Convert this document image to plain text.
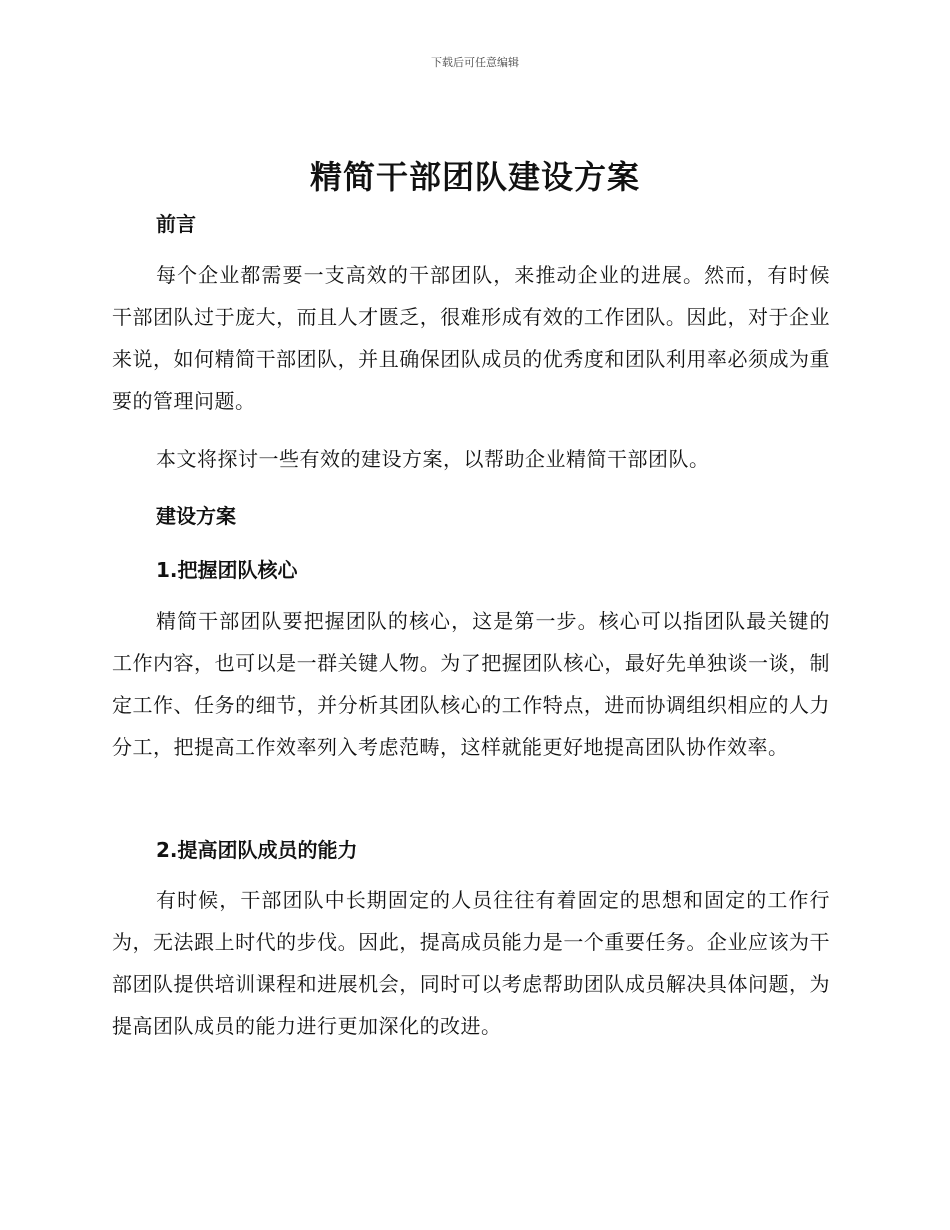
下载后可任意编辑
精简干部团队建设方案
前言

每个企业都需要一支高效的干部团队，来推动企业的进展。然而，有时候干部团队过于庞大，而且人才匮乏，很难形成有效的工作团队。因此，对于企业来说，如何精简干部团队，并且确保团队成员的优秀度和团队利用率必须成为重要的管理问题。

本文将探讨一些有效的建设方案，以帮助企业精简干部团队。

建设方案
1.把握团队核心

精简干部团队要把握团队的核心，这是第一步。核心可以指团队最关键的工作内容，也可以是一群关键人物。为了把握团队核心，最好先单独谈一谈，制定工作、任务的细节，并分析其团队核心的工作特点，进而协调组织相应的人力分工，把提高工作效率列入考虑范畴，这样就能更好地提高团队协作效率。

2.提高团队成员的能力

有时候，干部团队中长期固定的人员往往有着固定的思想和固定的工作行为，无法跟上时代的步伐。因此，提高成员能力是一个重要任务。企业应该为干部团队提供培训课程和进展机会，同时可以考虑帮助团队成员解决具体问题，为提高团队成员的能力进行更加深化的改进。
